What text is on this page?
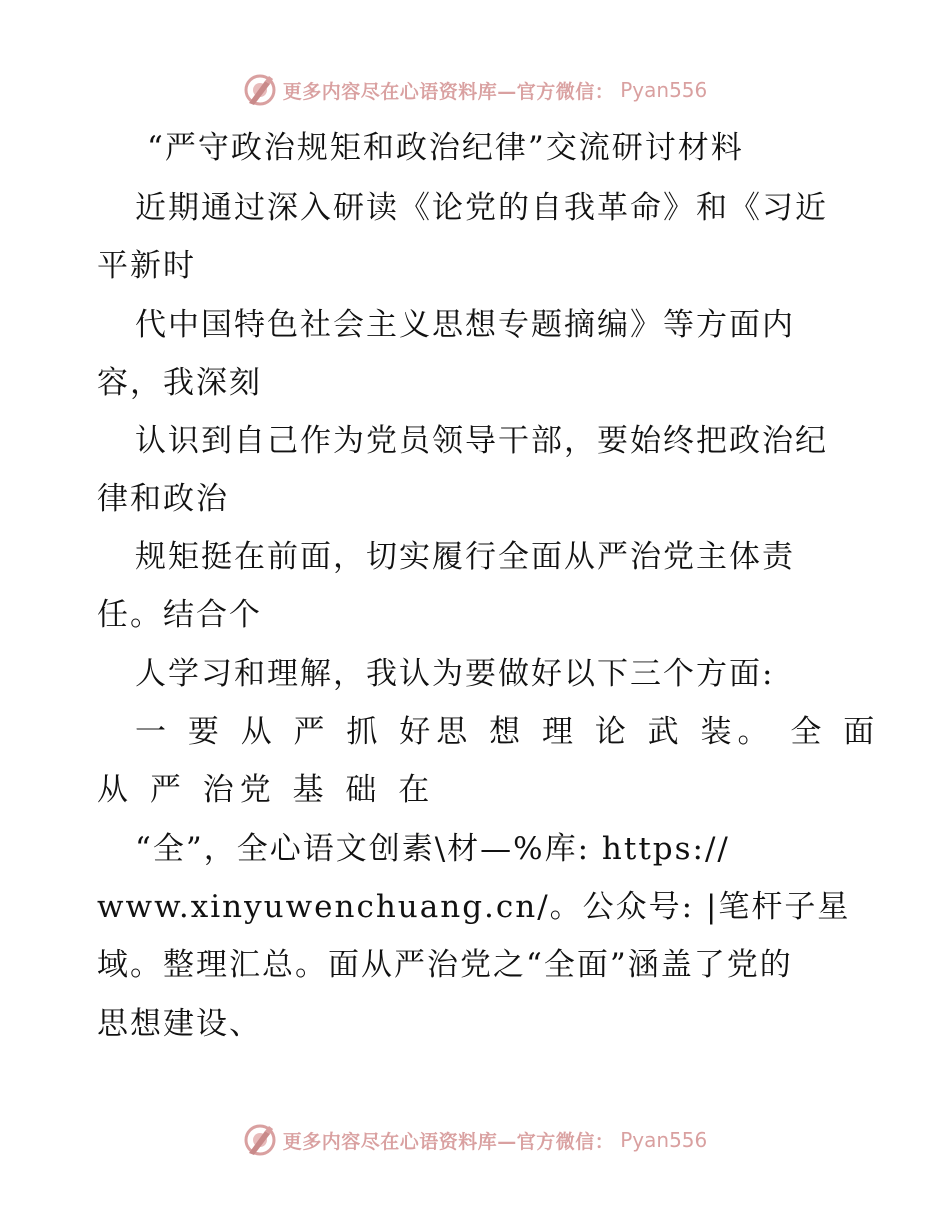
更多内容尽在心语资料库—官方微信： Pyan556
“严守政治规矩和政治纪律”交流研讨材料
近期通过深入研读《论党的自我革命》和《习近
平新时
代中国特色社会主义思想专题摘编》等方面内
容，我深刻
认识到自己作为党员领导干部，要始终把政治纪
律和政治
规矩挺在前面，切实履行全面从严治党主体责
任。结合个
人学习和理解，我认为要做好以下三个方面:
一 要 从 严 抓 好思 想 理 论 武 装。 全 面
从 严 治党 基 础 在
“全”，全心语文创素\材—%库: https://
www.xinyuwenchuang.cn/。公众号: |笔杆子星
域。整理汇总。面从严治党之“全面”涵盖了党的
思想建设、
更多内容尽在心语资料库—官方微信： Pyan556
